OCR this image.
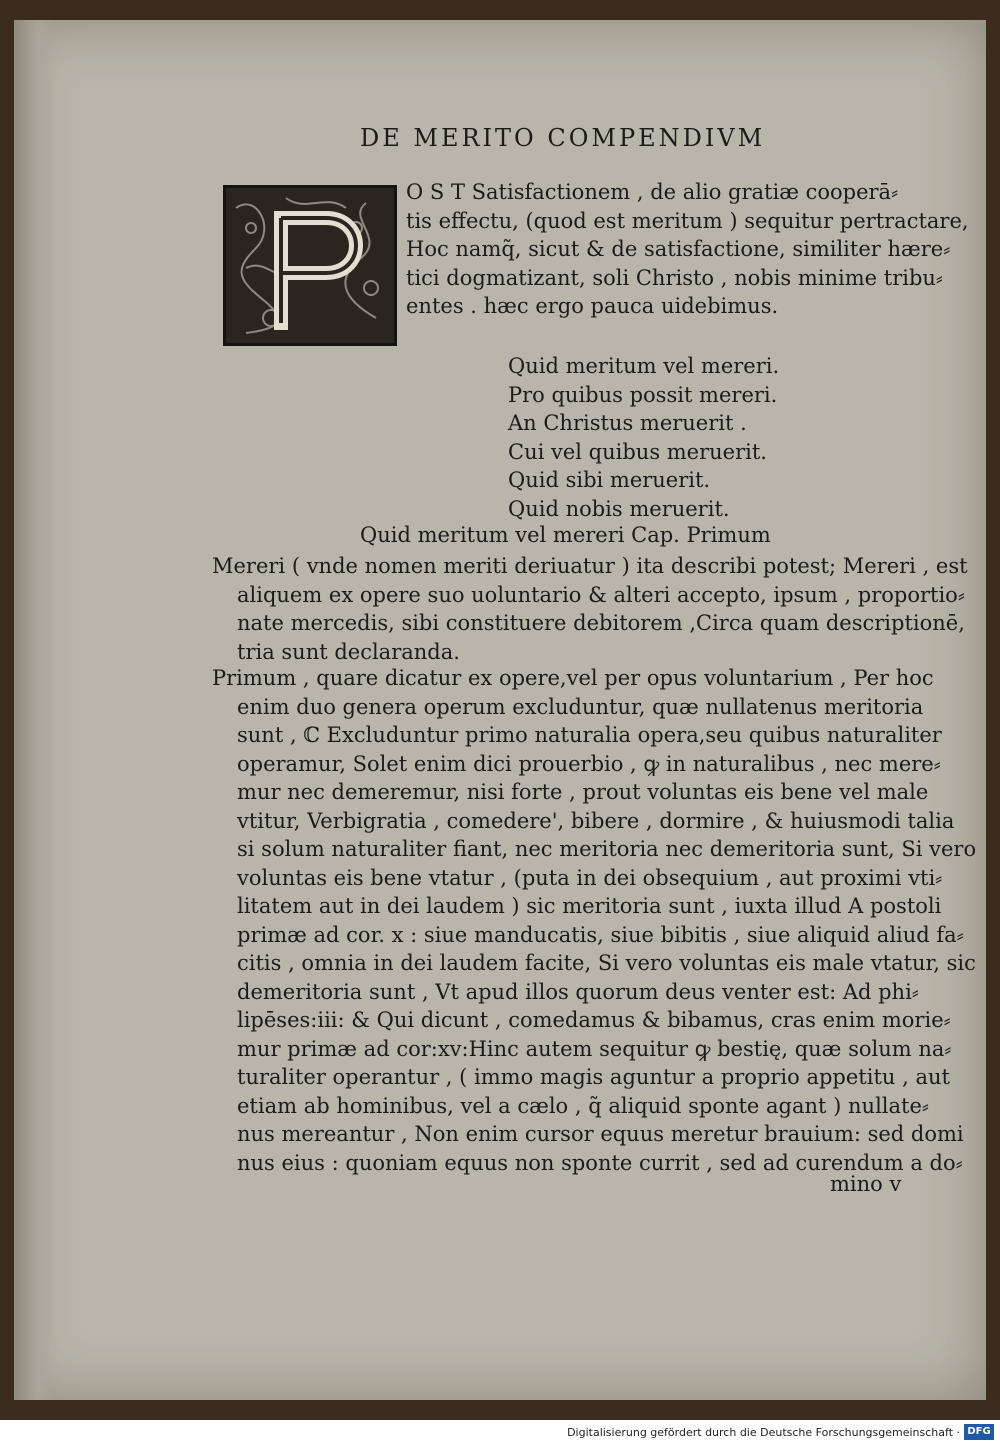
DE MERITO COMPENDIVM
O S T Satisfactionem , de alio gratiæ cooperā⸗
tis effectu, (quod est meritum ) sequitur pertractare,
Hoc namq̃, sicut & de satisfactione, similiter hære⸗
tici dogmatizant, soli Christo , nobis minime tribu⸗
entes . hæc ergo pauca uidebimus.
Quid meritum vel mereri.
Pro quibus possit mereri.
An Christus meruerit .
Cui vel quibus meruerit.
Quid sibi meruerit.
Quid nobis meruerit.
Quid meritum vel mereri Cap. Primum
Mereri ( vnde nomen meriti deriuatur ) ita describi potest; Mereri , est
aliquem ex opere suo uoluntario & alteri accepto, ipsum , proportio⸗
nate mercedis, sibi constituere debitorem ,Circa quam descriptionē,
tria sunt declaranda.
Primum , quare dicatur ex opere,vel per opus voluntarium , Per hoc
enim duo genera operum excluduntur, quæ nullatenus meritoria
sunt , ℂ Excluduntur primo naturalia opera,seu quibus naturaliter
operamur, Solet enim dici prouerbio , ꝙ in naturalibus , nec mere⸗
mur nec demeremur, nisi forte , prout voluntas eis bene vel male
vtitur, Verbigratia , comedere', bibere , dormire , & huiusmodi talia
si solum naturaliter fiant, nec meritoria nec demeritoria sunt, Si vero
voluntas eis bene vtatur , (puta in dei obsequium , aut proximi vti⸗
litatem aut in dei laudem ) sic meritoria sunt , iuxta illud A postoli
primæ ad cor. x : siue manducatis, siue bibitis , siue aliquid aliud fa⸗
citis , omnia in dei laudem facite, Si vero voluntas eis male vtatur, sic
demeritoria sunt , Vt apud illos quorum deus venter est: Ad phi⸗
lipēses:iii: & Qui dicunt , comedamus & bibamus, cras enim morie⸗
mur primæ ad cor:xv:Hinc autem sequitur ꝙ bestię, quæ solum na⸗
turaliter operantur , ( immo magis aguntur a proprio appetitu , aut
etiam ab hominibus, vel a cælo , q̃ aliquid sponte agant ) nullate⸗
nus mereantur , Non enim cursor equus meretur brauium: sed domi
nus eius : quoniam equus non sponte currit , sed ad curendum a do⸗
mino v
Digitalisierung gefördert durch die Deutsche Forschungsgemeinschaft · DFG
